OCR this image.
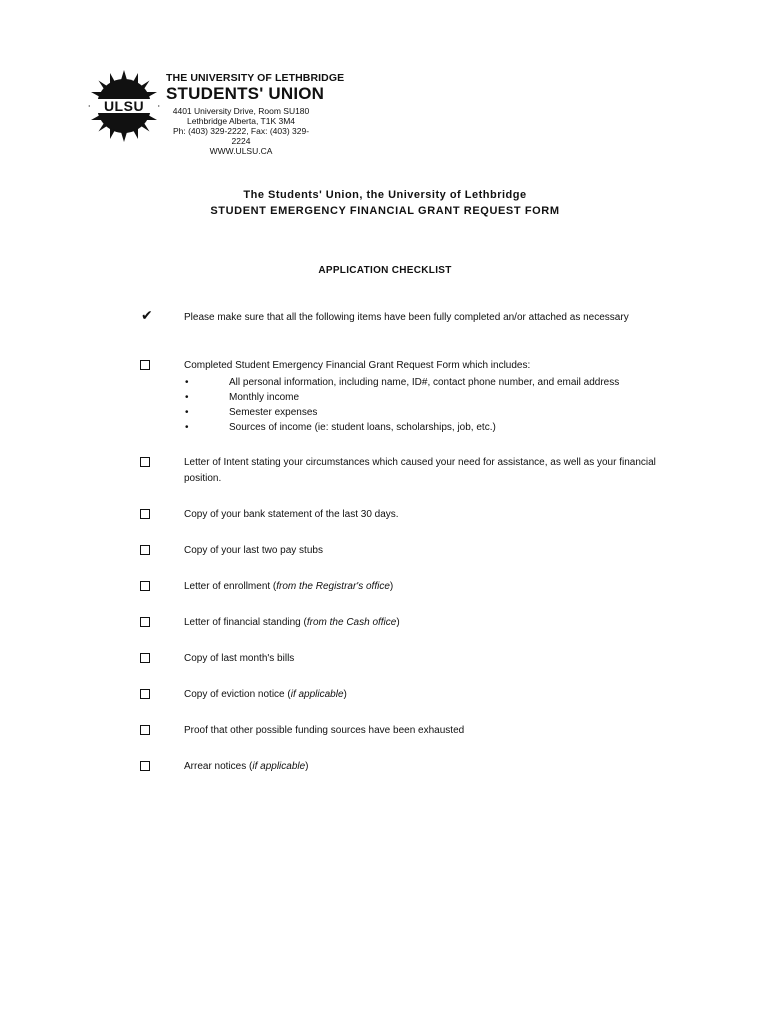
ULSU
THE UNIVERSITY OF LETHBRIDGE
STUDENTS' UNION
4401 University Drive, Room SU180
Lethbridge Alberta, T1K 3M4
Ph: (403) 329-2222, Fax: (403) 329-2224
WWW.ULSU.CA
The Students' Union, the University of Lethbridge
STUDENT EMERGENCY FINANCIAL GRANT REQUEST FORM
APPLICATION CHECKLIST
✔	Please make sure that all the following items have been fully completed an/or attached as necessary
Completed Student Emergency Financial Grant Request Form which includes:
•	All personal information, including name, ID#, contact phone number, and email address
•	Monthly income
•	Semester expenses
•	Sources of income (ie: student loans, scholarships, job, etc.)
Letter of Intent stating your circumstances which caused your need for assistance, as well as your financial position.
Copy of your bank statement of the last 30 days.
Copy of your last two pay stubs
Letter of enrollment (from the Registrar's office)
Letter of financial standing (from the Cash office)
Copy of last month's bills
Copy of eviction notice (if applicable)
Proof that other possible funding sources have been exhausted
Arrear notices (if applicable)
